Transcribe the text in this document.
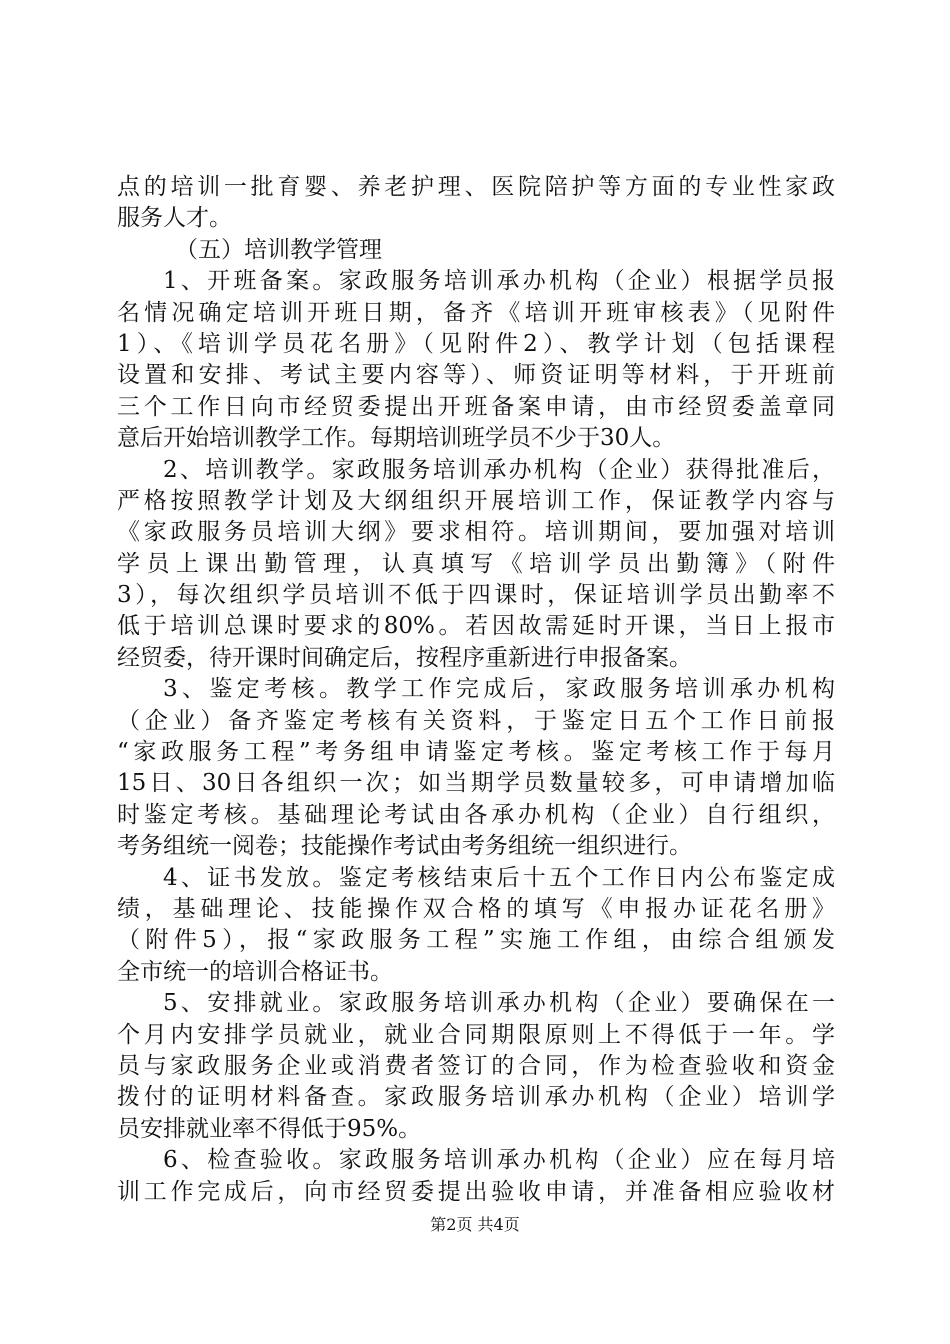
点的培训一批育婴、养老护理、医院陪护等方面的专业性家政
服务人才。
（五）培训教学管理
1、开班备案。家政服务培训承办机构（企业）根据学员报
名情况确定培训开班日期，备齐《培训开班审核表》（见附件
1）、《培训学员花名册》（见附件2）、教学计划（包括课程
设置和安排、考试主要内容等）、师资证明等材料，于开班前
三个工作日向市经贸委提出开班备案申请，由市经贸委盖章同
意后开始培训教学工作。每期培训班学员不少于30人。
2、培训教学。家政服务培训承办机构（企业）获得批准后，
严格按照教学计划及大纲组织开展培训工作，保证教学内容与
《家政服务员培训大纲》要求相符。培训期间，要加强对培训
学员上课出勤管理，认真填写《培训学员出勤簿》（附件
3），每次组织学员培训不低于四课时，保证培训学员出勤率不
低于培训总课时要求的80%。若因故需延时开课，当日上报市
经贸委，待开课时间确定后，按程序重新进行申报备案。
3、鉴定考核。教学工作完成后，家政服务培训承办机构
（企业）备齐鉴定考核有关资料，于鉴定日五个工作日前报
“家政服务工程”考务组申请鉴定考核。鉴定考核工作于每月
15日、30日各组织一次；如当期学员数量较多，可申请增加临
时鉴定考核。基础理论考试由各承办机构（企业）自行组织，
考务组统一阅卷；技能操作考试由考务组统一组织进行。
4、证书发放。鉴定考核结束后十五个工作日内公布鉴定成
绩，基础理论、技能操作双合格的填写《申报办证花名册》
（附件5），报“家政服务工程”实施工作组，由综合组颁发
全市统一的培训合格证书。
5、安排就业。家政服务培训承办机构（企业）要确保在一
个月内安排学员就业，就业合同期限原则上不得低于一年。学
员与家政服务企业或消费者签订的合同，作为检查验收和资金
拨付的证明材料备查。家政服务培训承办机构（企业）培训学
员安排就业率不得低于95%。
6、检查验收。家政服务培训承办机构（企业）应在每月培
训工作完成后，向市经贸委提出验收申请，并准备相应验收材
第2页 共4页
